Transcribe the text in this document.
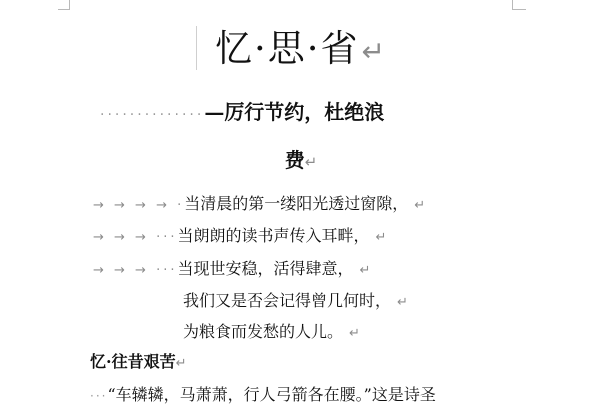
忆·思·省↵
··············—厉行节约，杜绝浪
费↵
→ → → → ·当清晨的第一缕阳光透过窗隙， ↵
→ → → ···当朗朗的读书声传入耳畔， ↵
→ → → ···当现世安稳，活得肆意， ↵
我们又是否会记得曾几何时， ↵
为粮食而发愁的人儿。 ↵
忆·往昔艰苦↵
···“车辚辚，马萧萧，行人弓箭各在腰。”这是诗圣
